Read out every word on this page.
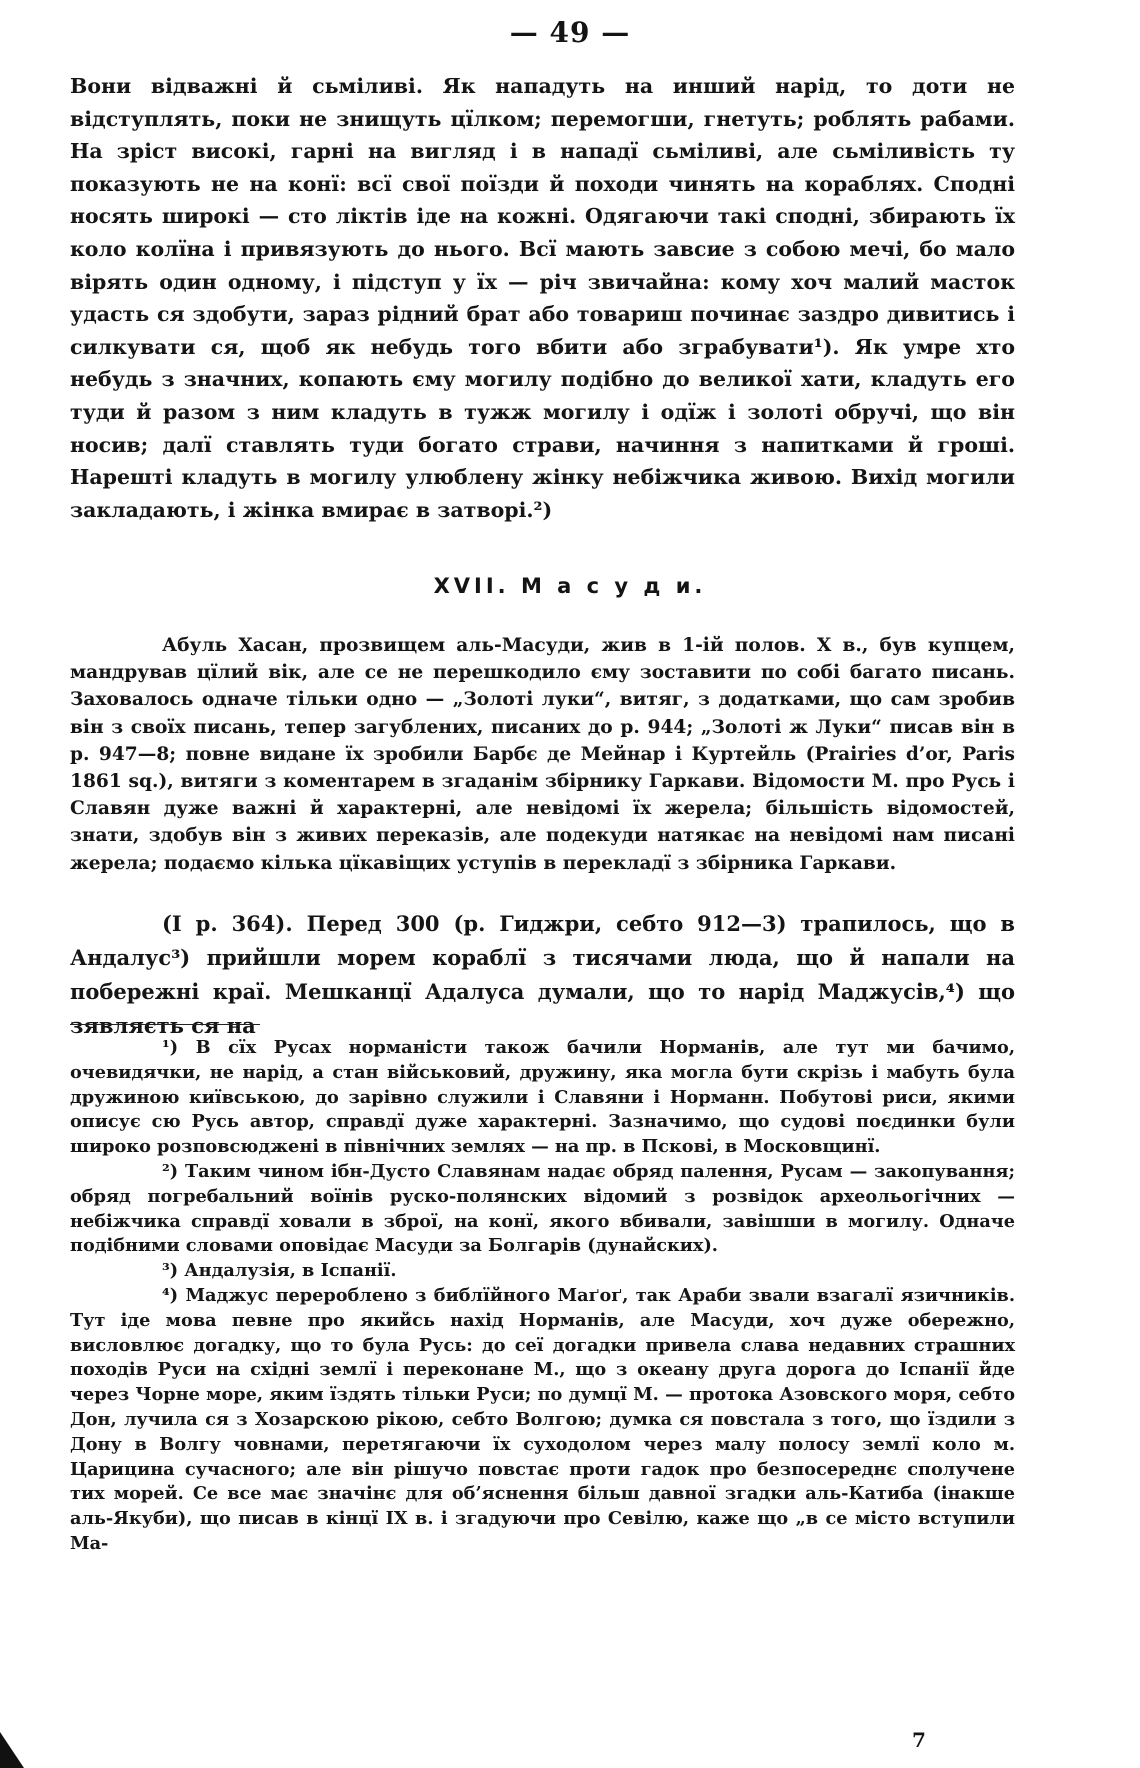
— 49 —

Вони відважні й сьміливі. Як нападуть на инший нарід, то доти не відступлять, поки не знищуть цїлком; перемогши, гнетуть; роблять рабами. На зріст високі, гарні на вигляд і в нападї сьміливі, але сьміливість ту показують не на конї: всї свої поїзди й походи чинять на кораблях. Сподні носять широкі — сто ліктів іде на кожні. Одягаючи такі сподні, збирають їх коло колїна і привязують до нього. Всї мають завсие з собою мечі, бо мало вірять один одному, і підступ у їх — річ звичайна: кому хоч малий масток удасть ся здобути, зараз рідний брат або товариш починає заздро дивитись і силкувати ся, щоб як небудь того вбити або зграбувати¹). Як умре хто небудь з значних, копають єму могилу подібно до великої хати, кладуть его туди й разом з ним кладуть в тужж могилу і одїж і золоті обручі, що він носив; далї ставлять туди богато страви, начиння з напитками й гроші. Нарешті кладуть в могилу улюблену жінку небіжчика живою. Вихід могили закладають, і жінка вмирає в затворі.²)

XVII. М а с у д и.

Абуль Хасан, прозвищем аль-Масуди, жив в 1-ій полов. X в., був купцем, мандрував цїлий вік, але се не перешкодило єму зоставити по собі багато писань. Заховалось одначе тільки одно — „Золоті луки“, витяг, з додатками, що сам зробив він з своїх писань, тепер загублених, писаних до р. 944; „Золоті ж Луки“ писав він в р. 947—8; повне видане їх зробили Барбє де Мейнар і Куртейль (Prairies d’or, Paris 1861 sq.), витяги з коментарем в згаданім збірнику Гаркави. Відомости М. про Русь і Славян дуже важні й характерні, але невідомі їх жерела; більшість відомостей, знати, здобув він з живих переказів, але подекуди натякає на невідомі нам писані жерела; подаємо кілька цїкавіщих уступів в перекладї з збірника Гаркави.

(I р. 364). Перед 300 (р. Гиджри, себто 912—3) трапилось, що в Андалус³) прийшли морем кораблї з тисячами люда, що й напали на побережні краї. Мешканцї Адалуса думали, що то нарід Маджусів,⁴) що зявляєть ся на

¹) В сїх Русах норманісти також бачили Норманів, але тут ми бачимо, очевидячки, не нарід, а стан військовий, дружину, яка могла бути скрізь і мабуть була дружиною київською, до зарівно служили і Славяни і Норманн. Побутові риси, якими описує сю Русь автор, справдї дуже характерні. Зазначимо, що судові поєдинки були широко розповсюджені в північних землях — на пр. в Пскові, в Московщинї.

²) Таким чином ібн-Дусто Славянам надає обряд палення, Русам — закопування; обряд погребальний воїнів руско-полянских відомий з розвідок археольогічних — небіжчика справдї ховали в зброї, на конї, якого вбивали, завішши в могилу. Одначе подібними словами оповідає Масуди за Болгарів (дунайских).

³) Андалузія, в Іспанії.

⁴) Маджус перероблено з библїйного Маґоґ, так Араби звали взагалї язичників. Тут іде мова певне про якийсь нахід Норманів, але Масуди, хоч дуже обережно, висловлює догадку, що то була Русь: до сеї догадки привела слава недавних страшних походів Руси на східні землї і переконане М., що з океану друга дорога до Іспанії йде через Чорне море, яким їздять тільки Руси; по думцї М. — протока Азовского моря, себто Дон, лучила ся з Хозарскою рікою, себто Волгою; думка ся повстала з того, що їздили з Дону в Волгу човнами, перетягаючи їх суходолом через малу полосу землї коло м. Царицина сучасного; але він рішучо повстає проти гадок про безпосереднє сполучене тих морей. Се все має значінє для об’яснення більш давної згадки аль-Катиба (інакше аль-Якуби), що писав в кінцї IX в. і згадуючи про Севілю, каже що „в се місто вступили Ма-

7
